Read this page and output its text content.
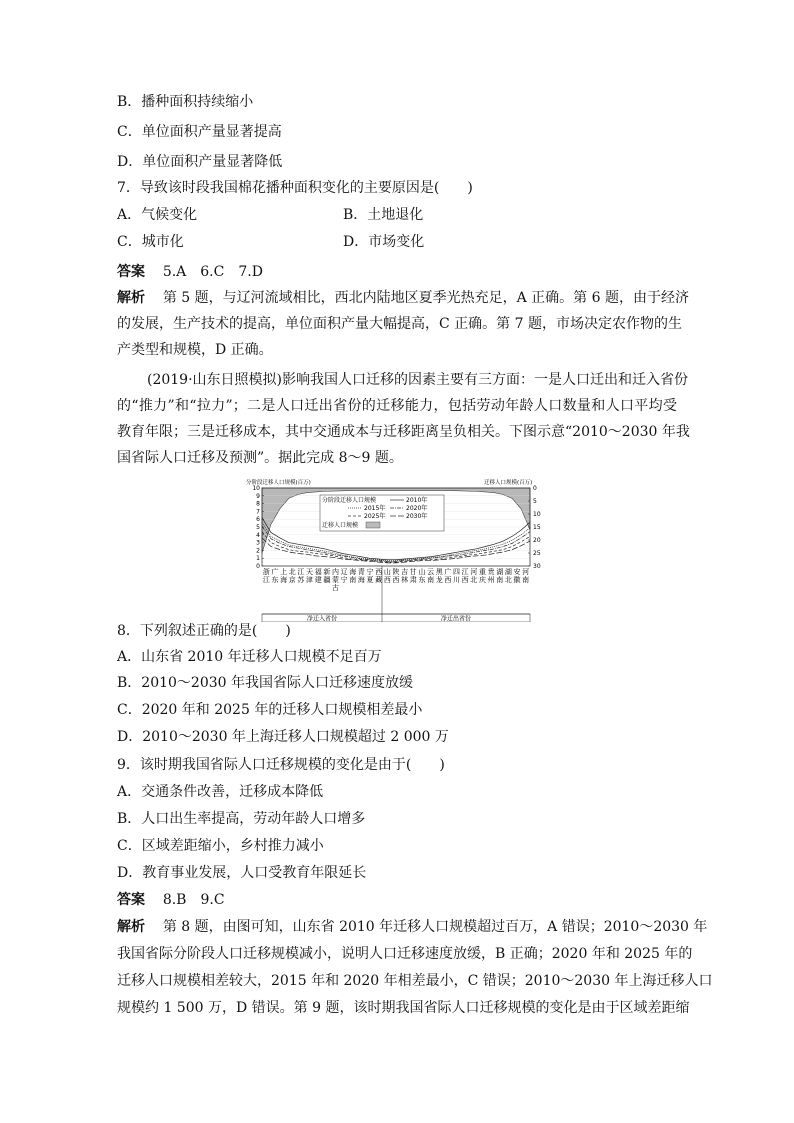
B．播种面积持续缩小
C．单位面积产量显著提高
D．单位面积产量显著降低
7．导致该时段我国棉花播种面积变化的主要原因是(　　)
A．气候变化	B．土地退化
C．城市化	D．市场变化
答案 5.A　6.C　7.D
解析 第 5 题，与辽河流域相比，西北内陆地区夏季光热充足，A 正确。第 6 题，由于经济
的发展，生产技术的提高，单位面积产量大幅提高，C 正确。第 7 题，市场决定农作物的生
产类型和规模，D 正确。
(2019·山东日照模拟)影响我国人口迁移的因素主要有三方面：一是人口迁出和迁入省份
的“推力”和“拉力”；二是人口迁出省份的迁移能力，包括劳动年龄人口数量和人口平均受
教育年限；三是迁移成本，其中交通成本与迁移距离呈负相关。下图示意“2010～2030 年我
国省际人口迁移及预测”。据此完成 8～9 题。
分阶段迁移人口规模(百万)	迁移人口规模(百万)
分阶段迁移人口规模	2010年
2015年	2020年
2025年	2030年
迁移人口规模
10
9
8
7
6
5
4
3
2
1
0
0
5
10
15
20
25
30
浙
江
广
东
上
海
北
京
江
苏
天
津
福
建
新
疆
内
蒙
辽
宁
海
南
青
海
宁
夏
西
藏
山
西
陕
西
吉
林
甘
肃
山
东
云
南
黑
龙
广
西
四
川
江
西
河
北
重
庆
贵
州
湖
南
湖
北
安
徽
河
南
古
净迁入省份	净迁出省份
8．下列叙述正确的是(　　)
A．山东省 2010 年迁移人口规模不足百万
B．2010～2030 年我国省际人口迁移速度放缓
C．2020 年和 2025 年的迁移人口规模相差最小
D．2010～2030 年上海迁移人口规模超过 2 000 万
9．该时期我国省际人口迁移规模的变化是由于(　　)
A．交通条件改善，迁移成本降低
B．人口出生率提高，劳动年龄人口增多
C．区域差距缩小，乡村推力减小
D．教育事业发展，人口受教育年限延长
答案 8.B　9.C
解析 第 8 题，由图可知，山东省 2010 年迁移人口规模超过百万，A 错误；2010～2030 年
我国省际分阶段人口迁移规模减小，说明人口迁移速度放缓，B 正确；2020 年和 2025 年的
迁移人口规模相差较大，2015 年和 2020 年相差最小，C 错误；2010～2030 年上海迁移人口
规模约 1 500 万，D 错误。第 9 题，该时期我国省际人口迁移规模的变化是由于区域差距缩
